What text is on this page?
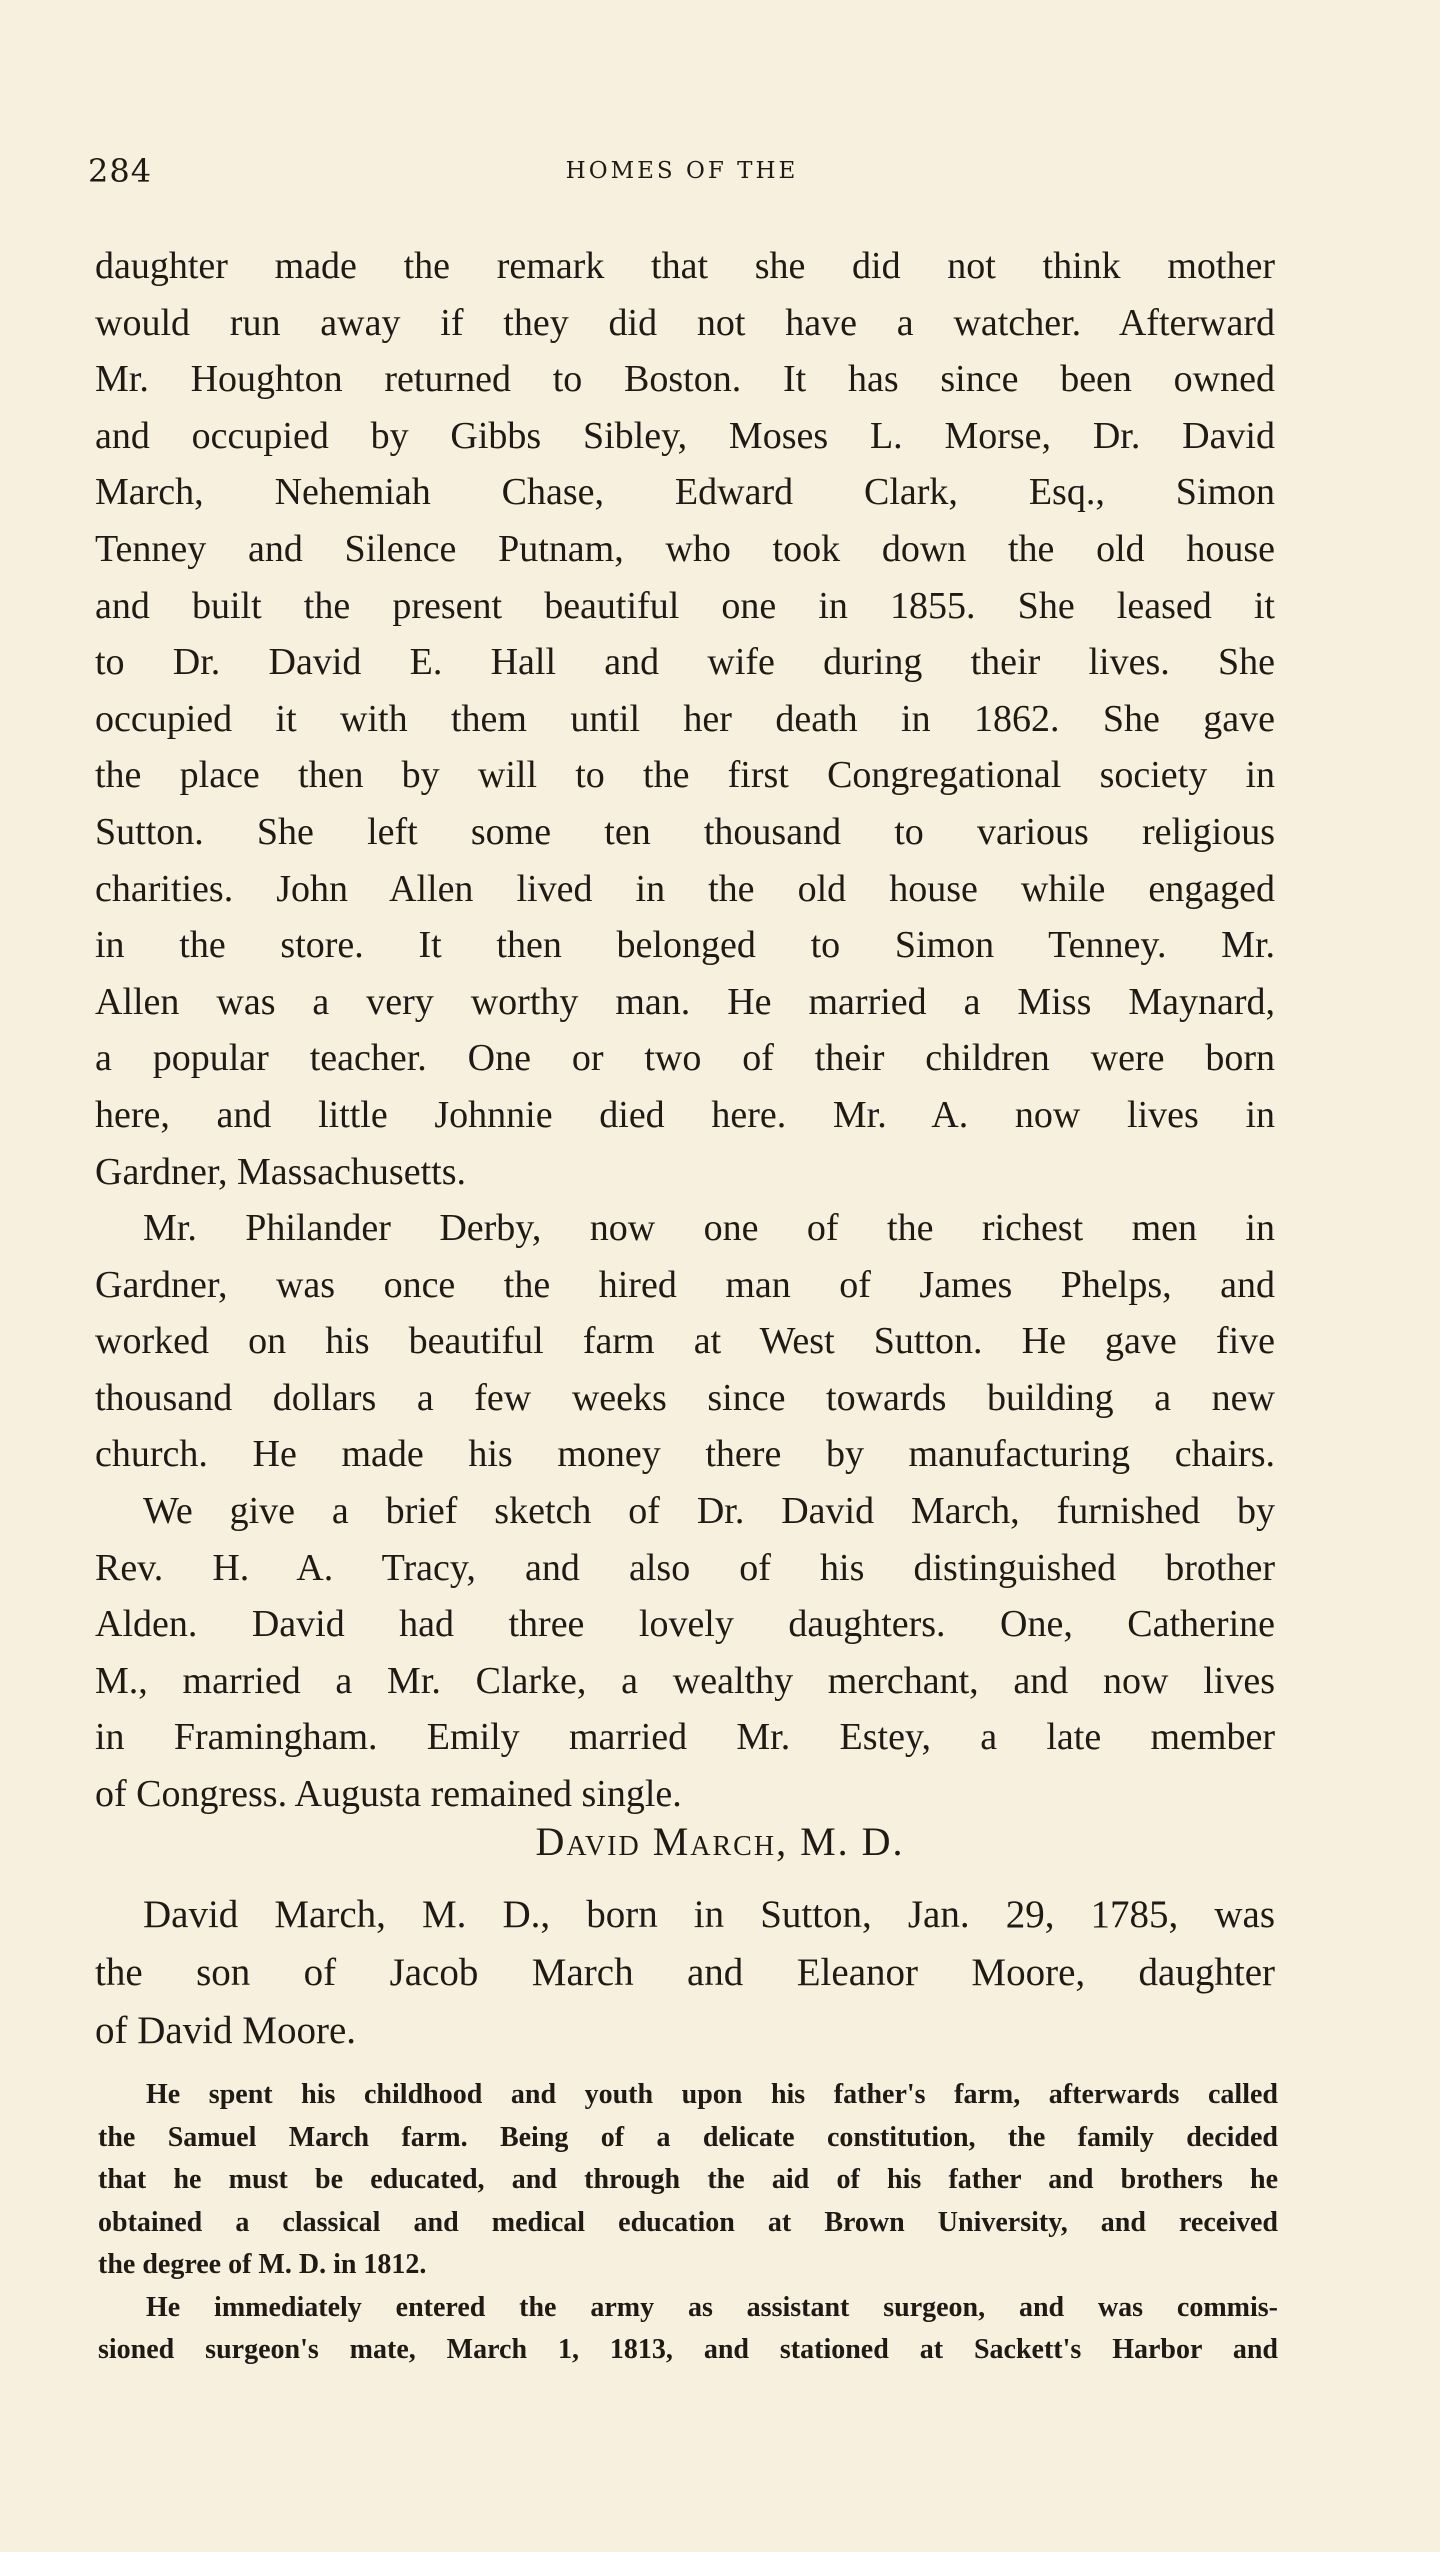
284	HOMES OF THE
daughter made the remark that she did not think mother
would run away if they did not have a watcher. Afterward
Mr. Houghton returned to Boston. It has since been owned
and occupied by Gibbs Sibley, Moses L. Morse, Dr. David
March, Nehemiah Chase, Edward Clark, Esq., Simon
Tenney and Silence Putnam, who took down the old house
and built the present beautiful one in 1855. She leased it
to Dr. David E. Hall and wife during their lives. She
occupied it with them until her death in 1862. She gave
the place then by will to the first Congregational society in
Sutton. She left some ten thousand to various religious
charities. John Allen lived in the old house while engaged
in the store. It then belonged to Simon Tenney. Mr.
Allen was a very worthy man. He married a Miss Maynard,
a popular teacher. One or two of their children were born
here, and little Johnnie died here. Mr. A. now lives in
Gardner, Massachusetts.
Mr. Philander Derby, now one of the richest men in
Gardner, was once the hired man of James Phelps, and
worked on his beautiful farm at West Sutton. He gave five
thousand dollars a few weeks since towards building a new
church. He made his money there by manufacturing chairs.
We give a brief sketch of Dr. David March, furnished by
Rev. H. A. Tracy, and also of his distinguished brother
Alden. David had three lovely daughters. One, Catherine
M., married a Mr. Clarke, a wealthy merchant, and now lives
in Framingham. Emily married Mr. Estey, a late member
of Congress. Augusta remained single.
David March, M. D.
David March, M. D., born in Sutton, Jan. 29, 1785, was
the son of Jacob March and Eleanor Moore, daughter
of David Moore.
He spent his childhood and youth upon his father's farm, afterwards called
the Samuel March farm. Being of a delicate constitution, the family decided
that he must be educated, and through the aid of his father and brothers he
obtained a classical and medical education at Brown University, and received
the degree of M. D. in 1812.
He immediately entered the army as assistant surgeon, and was commis-
sioned surgeon's mate, March 1, 1813, and stationed at Sackett's Harbor and
